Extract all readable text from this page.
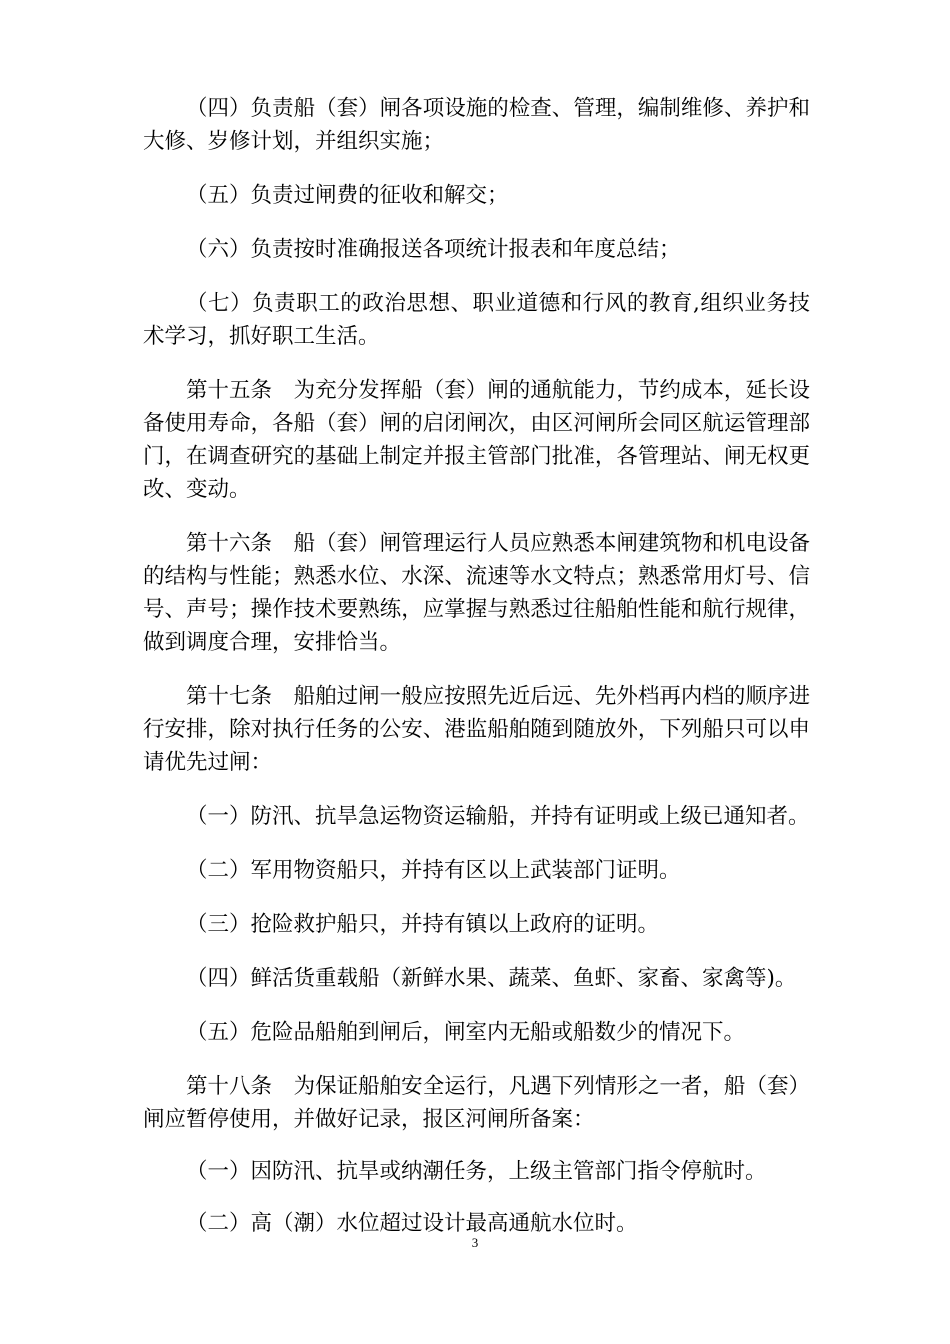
（四）负责船（套）闸各项设施的检查、管理，编制维修、养护和大修、岁修计划，并组织实施；

（五）负责过闸费的征收和解交；

（六）负责按时准确报送各项统计报表和年度总结；

（七）负责职工的政治思想、职业道德和行风的教育,组织业务技术学习，抓好职工生活。

第十五条　为充分发挥船（套）闸的通航能力，节约成本，延长设备使用寿命，各船（套）闸的启闭闸次，由区河闸所会同区航运管理部门，在调查研究的基础上制定并报主管部门批准，各管理站、闸无权更改、变动。

第十六条　船（套）闸管理运行人员应熟悉本闸建筑物和机电设备的结构与性能；熟悉水位、水深、流速等水文特点；熟悉常用灯号、信号、声号；操作技术要熟练，应掌握与熟悉过往船舶性能和航行规律，做到调度合理，安排恰当。

第十七条　船舶过闸一般应按照先近后远、先外档再内档的顺序进行安排，除对执行任务的公安、港监船舶随到随放外，下列船只可以申请优先过闸：

（一）防汛、抗旱急运物资运输船，并持有证明或上级已通知者。

（二）军用物资船只，并持有区以上武装部门证明。

（三）抢险救护船只，并持有镇以上政府的证明。

（四）鲜活货重载船（新鲜水果、蔬菜、鱼虾、家畜、家禽等)。

（五）危险品船舶到闸后，闸室内无船或船数少的情况下。

第十八条　为保证船舶安全运行，凡遇下列情形之一者，船（套）闸应暂停使用，并做好记录，报区河闸所备案：

（一）因防汛、抗旱或纳潮任务，上级主管部门指令停航时。

（二）高（潮）水位超过设计最高通航水位时。

3
